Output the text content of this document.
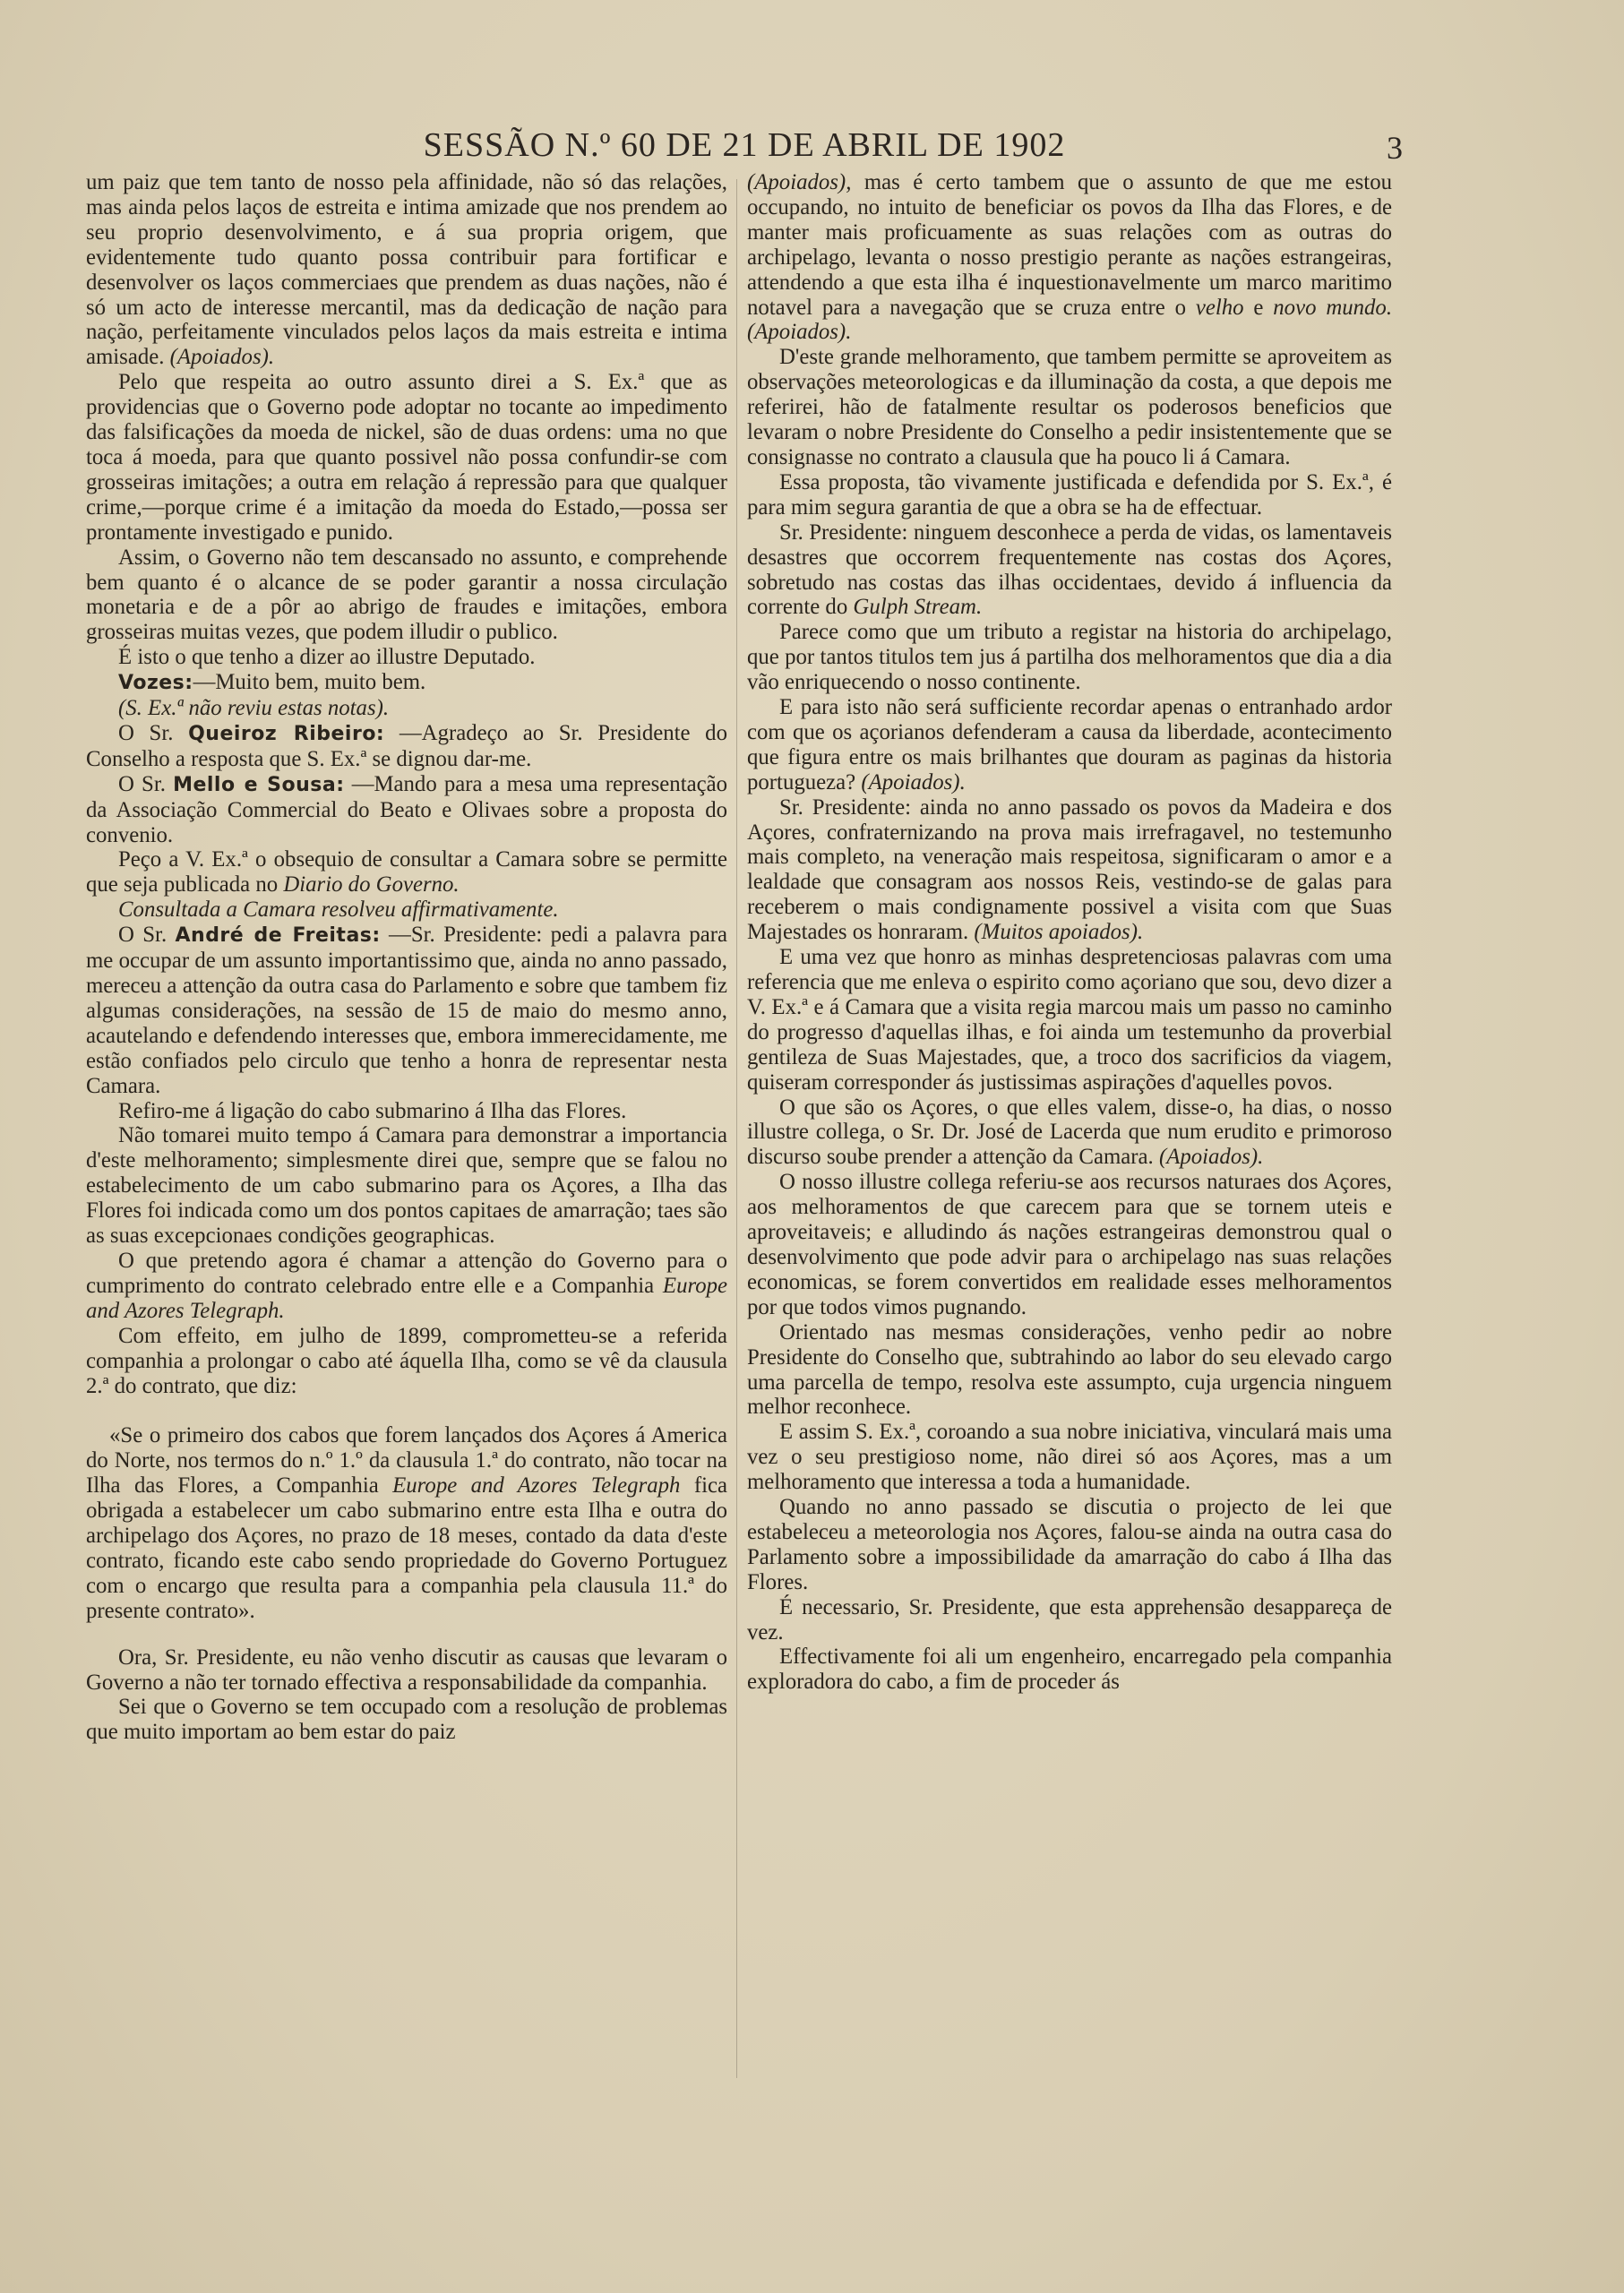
SESSÃO N.º 60 DE 21 DE ABRIL DE 1902	3

um paiz que tem tanto de nosso pela affinidade, não só das relações, mas ainda pelos laços de estreita e intima amizade que nos prendem ao seu proprio desenvolvimento, e á sua propria origem, que evidentemente tudo quanto possa contribuir para fortificar e desenvolver os laços commerciaes que prendem as duas nações, não é só um acto de interesse mercantil, mas da dedicação de nação para nação, perfeitamente vinculados pelos laços da mais estreita e intima amisade. (Apoiados).

Pelo que respeita ao outro assunto direi a S. Ex.ª que as providencias que o Governo pode adoptar no tocante ao impedimento das falsificações da moeda de nickel, são de duas ordens: uma no que toca á moeda, para que quanto possivel não possa confundir-se com grosseiras imitações; a outra em relação á repressão para que qualquer crime,—porque crime é a imitação da moeda do Estado,—possa ser prontamente investigado e punido.

Assim, o Governo não tem descansado no assunto, e comprehende bem quanto é o alcance de se poder garantir a nossa circulação monetaria e de a pôr ao abrigo de fraudes e imitações, embora grosseiras muitas vezes, que podem illudir o publico.

É isto o que tenho a dizer ao illustre Deputado.

Vozes:—Muito bem, muito bem.

(S. Ex.ª não reviu estas notas).

O Sr. Queiroz Ribeiro: —Agradeço ao Sr. Presidente do Conselho a resposta que S. Ex.ª se dignou dar-me.

O Sr. Mello e Sousa: —Mando para a mesa uma representação da Associação Commercial do Beato e Olivaes sobre a proposta do convenio.

Peço a V. Ex.ª o obsequio de consultar a Camara sobre se permitte que seja publicada no Diario do Governo.

Consultada a Camara resolveu affirmativamente.

O Sr. André de Freitas: —Sr. Presidente: pedi a palavra para me occupar de um assunto importantissimo que, ainda no anno passado, mereceu a attenção da outra casa do Parlamento e sobre que tambem fiz algumas considerações, na sessão de 15 de maio do mesmo anno, acautelando e defendendo interesses que, embora immerecidamente, me estão confiados pelo circulo que tenho a honra de representar nesta Camara.

Refiro-me á ligação do cabo submarino á Ilha das Flores.

Não tomarei muito tempo á Camara para demonstrar a importancia d'este melhoramento; simplesmente direi que, sempre que se falou no estabelecimento de um cabo submarino para os Açores, a Ilha das Flores foi indicada como um dos pontos capitaes de amarração; taes são as suas excepcionaes condições geographicas.

O que pretendo agora é chamar a attenção do Governo para o cumprimento do contrato celebrado entre elle e a Companhia Europe and Azores Telegraph.

Com effeito, em julho de 1899, comprometteu-se a referida companhia a prolongar o cabo até áquella Ilha, como se vê da clausula 2.ª do contrato, que diz:

«Se o primeiro dos cabos que forem lançados dos Açores á America do Norte, nos termos do n.º 1.º da clausula 1.ª do contrato, não tocar na Ilha das Flores, a Companhia Europe and Azores Telegraph fica obrigada a estabelecer um cabo submarino entre esta Ilha e outra do archipelago dos Açores, no prazo de 18 meses, contado da data d'este contrato, ficando este cabo sendo propriedade do Governo Portuguez com o encargo que resulta para a companhia pela clausula 11.ª do presente contrato».

Ora, Sr. Presidente, eu não venho discutir as causas que levaram o Governo a não ter tornado effectiva a responsabilidade da companhia.

Sei que o Governo se tem occupado com a resolução de problemas que muito importam ao bem estar do paiz

(Apoiados), mas é certo tambem que o assunto de que me estou occupando, no intuito de beneficiar os povos da Ilha das Flores, e de manter mais proficuamente as suas relações com as outras do archipelago, levanta o nosso prestigio perante as nações estrangeiras, attendendo a que esta ilha é inquestionavelmente um marco maritimo notavel para a navegação que se cruza entre o velho e novo mundo. (Apoiados).

D'este grande melhoramento, que tambem permitte se aproveitem as observações meteorologicas e da illuminação da costa, a que depois me referirei, hão de fatalmente resultar os poderosos beneficios que levaram o nobre Presidente do Conselho a pedir insistentemente que se consignasse no contrato a clausula que ha pouco li á Camara.

Essa proposta, tão vivamente justificada e defendida por S. Ex.ª, é para mim segura garantia de que a obra se ha de effectuar.

Sr. Presidente: ninguem desconhece a perda de vidas, os lamentaveis desastres que occorrem frequentemente nas costas dos Açores, sobretudo nas costas das ilhas occidentaes, devido á influencia da corrente do Gulph Stream.

Parece como que um tributo a registar na historia do archipelago, que por tantos titulos tem jus á partilha dos melhoramentos que dia a dia vão enriquecendo o nosso continente.

E para isto não será sufficiente recordar apenas o entranhado ardor com que os açorianos defenderam a causa da liberdade, acontecimento que figura entre os mais brilhantes que douram as paginas da historia portugueza? (Apoiados).

Sr. Presidente: ainda no anno passado os povos da Madeira e dos Açores, confraternizando na prova mais irrefragavel, no testemunho mais completo, na veneração mais respeitosa, significaram o amor e a lealdade que consagram aos nossos Reis, vestindo-se de galas para receberem o mais condignamente possivel a visita com que Suas Majestades os honraram. (Muitos apoiados).

E uma vez que honro as minhas despretenciosas palavras com uma referencia que me enleva o espirito como açoriano que sou, devo dizer a V. Ex.ª e á Camara que a visita regia marcou mais um passo no caminho do progresso d'aquellas ilhas, e foi ainda um testemunho da proverbial gentileza de Suas Majestades, que, a troco dos sacrificios da viagem, quiseram corresponder ás justissimas aspirações d'aquelles povos.

O que são os Açores, o que elles valem, disse-o, ha dias, o nosso illustre collega, o Sr. Dr. José de Lacerda que num erudito e primoroso discurso soube prender a attenção da Camara. (Apoiados).

O nosso illustre collega referiu-se aos recursos naturaes dos Açores, aos melhoramentos de que carecem para que se tornem uteis e aproveitaveis; e alludindo ás nações estrangeiras demonstrou qual o desenvolvimento que pode advir para o archipelago nas suas relações economicas, se forem convertidos em realidade esses melhoramentos por que todos vimos pugnando.

Orientado nas mesmas considerações, venho pedir ao nobre Presidente do Conselho que, subtrahindo ao labor do seu elevado cargo uma parcella de tempo, resolva este assumpto, cuja urgencia ninguem melhor reconhece.

E assim S. Ex.ª, coroando a sua nobre iniciativa, vinculará mais uma vez o seu prestigioso nome, não direi só aos Açores, mas a um melhoramento que interessa a toda a humanidade.

Quando no anno passado se discutia o projecto de lei que estabeleceu a meteorologia nos Açores, falou-se ainda na outra casa do Parlamento sobre a impossibilidade da amarração do cabo á Ilha das Flores.

É necessario, Sr. Presidente, que esta apprehensão desappareça de vez.

Effectivamente foi ali um engenheiro, encarregado pela companhia exploradora do cabo, a fim de proceder ás
